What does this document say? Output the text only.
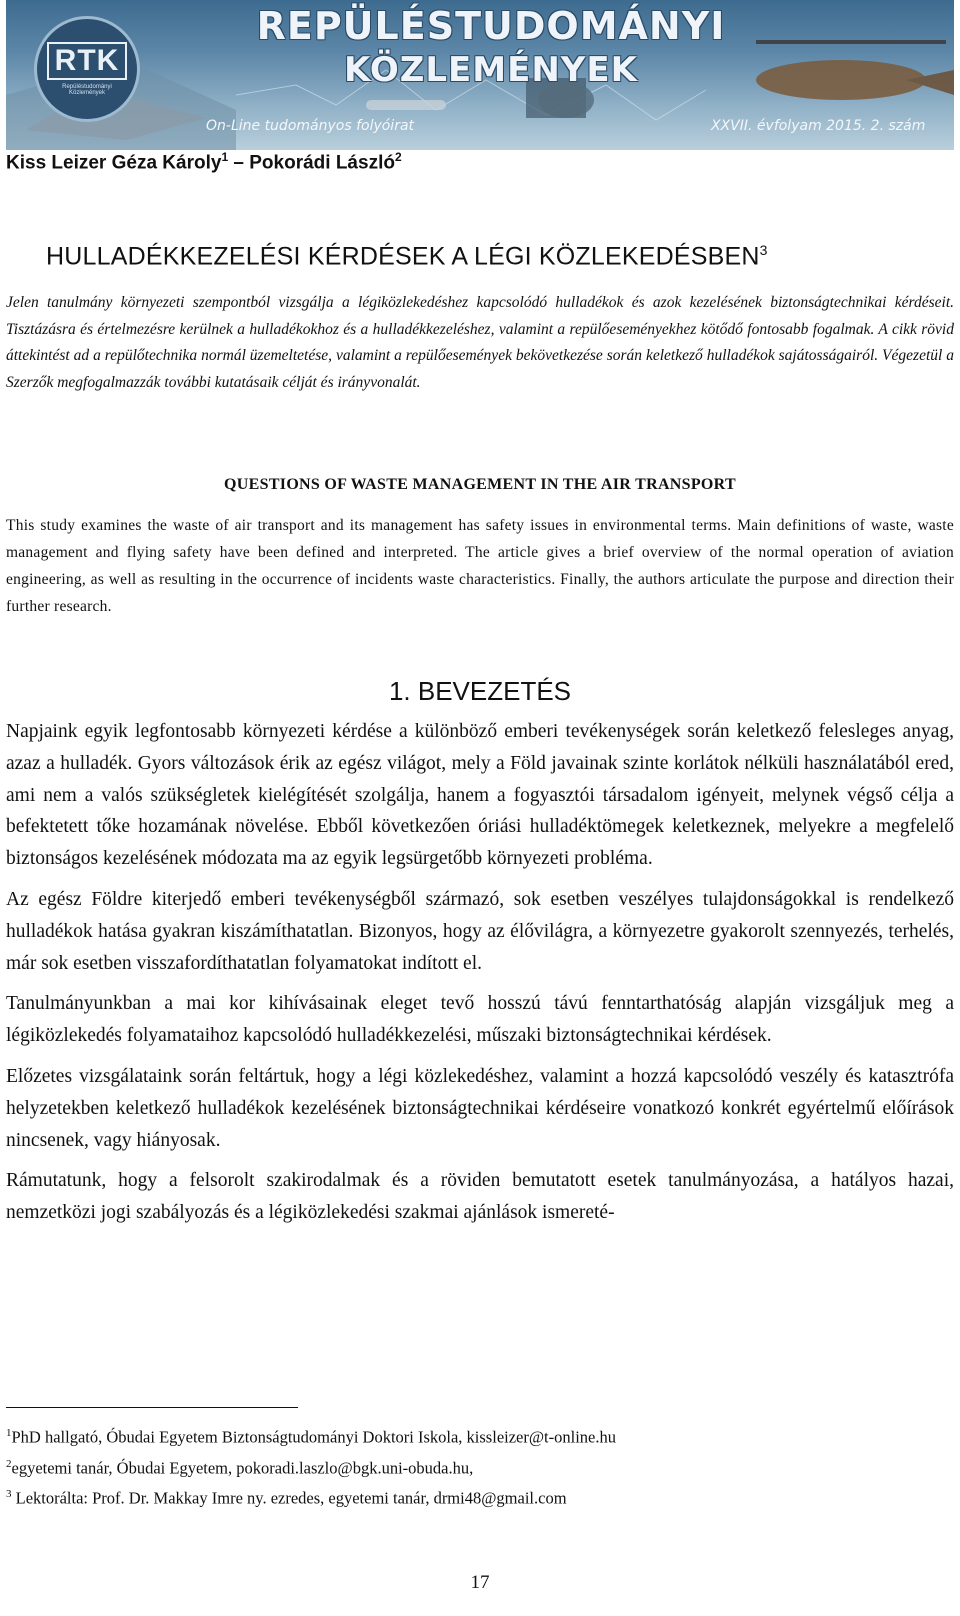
RTK
Repüléstudományi Közlemények
REPÜLÉSTUDOMÁNYI
KÖZLEMÉNYEK
On-Line tudományos folyóirat	XXVII. évfolyam 2015. 2. szám
Kiss Leizer Géza Károly$^1$ – Pokorádi László$^2$
HULLADÉKKEZELÉSI KÉRDÉSEK A LÉGI KÖZLEKEDÉSBEN$^3$
Jelen tanulmány környezeti szempontból vizsgálja a légiközlekedéshez kapcsolódó hulladékok és azok kezelésének biztonságtechnikai kérdéseit. Tisztázásra és értelmezésre kerülnek a hulladékokhoz és a hulladékkezeléshez, valamint a repülőeseményekhez kötődő fontosabb fogalmak. A cikk rövid áttekintést ad a repülőtechnika normál üzemeltetése, valamint a repülőesemények bekövetkezése során keletkező hulladékok sajátosságairól. Végezetül a Szerzők megfogalmazzák további kutatásaik célját és irányvonalát.
QUESTIONS OF WASTE MANAGEMENT IN THE AIR TRANSPORT
This study examines the waste of air transport and its management has safety issues in environmental terms. Main definitions of waste, waste management and flying safety have been defined and interpreted. The article gives a brief overview of the normal operation of aviation engineering, as well as resulting in the occurrence of incidents waste characteristics. Finally, the authors articulate the purpose and direction their further research.
1. BEVEZETÉS

Napjaink egyik legfontosabb környezeti kérdése a különböző emberi tevékenységek során keletkező felesleges anyag, azaz a hulladék. Gyors változások érik az egész világot, mely a Föld javainak szinte korlátok nélküli használatából ered, ami nem a valós szükségletek kielégítését szolgálja, hanem a fogyasztói társadalom igényeit, melynek végső célja a befektetett tőke hozamának növelése. Ebből következően óriási hulladéktömegek keletkeznek, melyekre a megfelelő biztonságos kezelésének módozata ma az egyik legsürgetőbb környezeti probléma.

Az egész Földre kiterjedő emberi tevékenységből származó, sok esetben veszélyes tulajdonságokkal is rendelkező hulladékok hatása gyakran kiszámíthatatlan. Bizonyos, hogy az élővilágra, a környezetre gyakorolt szennyezés, terhelés, már sok esetben visszafordíthatatlan folyamatokat indított el.

Tanulmányunkban a mai kor kihívásainak eleget tevő hosszú távú fenntarthatóság alapján vizsgáljuk meg a légiközlekedés folyamataihoz kapcsolódó hulladékkezelési, műszaki biztonságtechnikai kérdések.

Előzetes vizsgálataink során feltártuk, hogy a légi közlekedéshez, valamint a hozzá kapcsolódó veszély és katasztrófa helyzetekben keletkező hulladékok kezelésének biztonságtechnikai kérdéseire vonatkozó konkrét egyértelmű előírások nincsenek, vagy hiányosak.

Rámutatunk, hogy a felsorolt szakirodalmak és a röviden bemutatott esetek tanulmányozása, a hatályos hazai, nemzetközi jogi szabályozás és a légiközlekedési szakmai ajánlások ismereté-

$^1$PhD hallgató, Óbudai Egyetem Biztonságtudományi Doktori Iskola, kissleizer@t-online.hu
$^2$egyetemi tanár, Óbudai Egyetem, pokoradi.laszlo@bgk.uni-obuda.hu,
$^3$ Lektorálta: Prof. Dr. Makkay Imre ny. ezredes, egyetemi tanár, drmi48@gmail.com
17
